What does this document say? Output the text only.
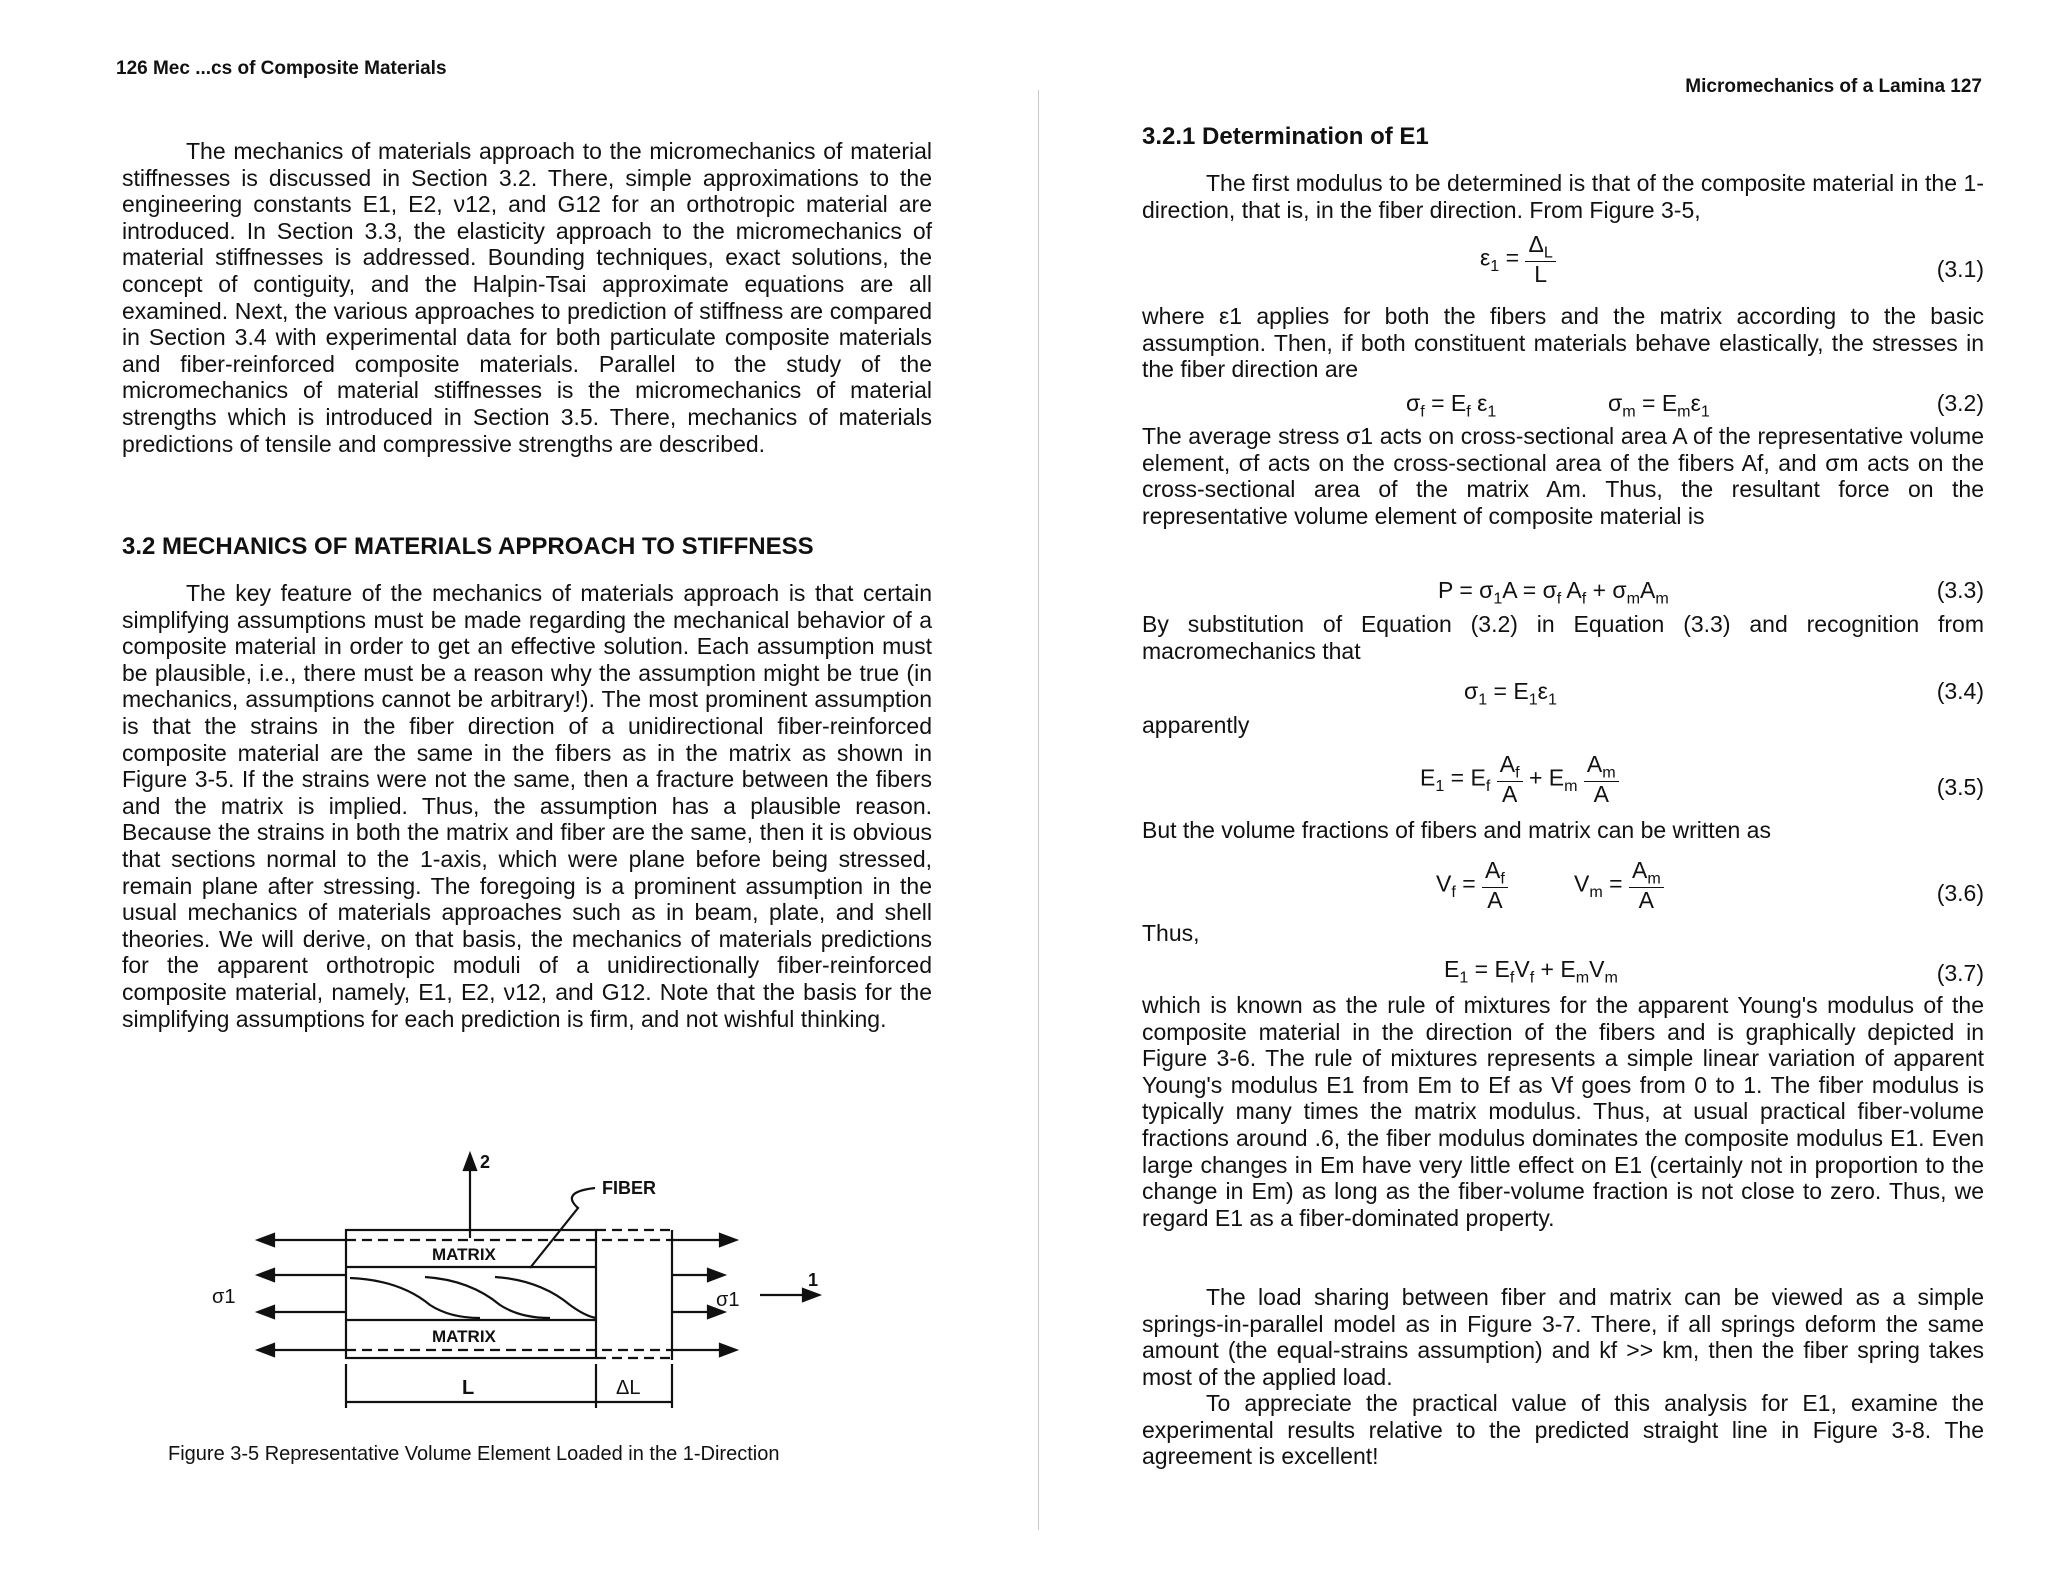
126 Mec ...cs of Composite Materials

The mechanics of materials approach to the micromechanics of material stiffnesses is discussed in Section 3.2. There, simple approximations to the engineering constants E1, E2, ν12, and G12 for an orthotropic material are introduced. In Section 3.3, the elasticity approach to the micromechanics of material stiffnesses is addressed. Bounding techniques, exact solutions, the concept of contiguity, and the Halpin-Tsai approximate equations are all examined. Next, the various approaches to prediction of stiffness are compared in Section 3.4 with experimental data for both particulate composite materials and fiber-reinforced composite materials. Parallel to the study of the micromechanics of material stiffnesses is the micromechanics of material strengths which is introduced in Section 3.5. There, mechanics of materials predictions of tensile and compressive strengths are described.

3.2 MECHANICS OF MATERIALS APPROACH TO STIFFNESS

The key feature of the mechanics of materials approach is that certain simplifying assumptions must be made regarding the mechanical behavior of a composite material in order to get an effective solution. Each assumption must be plausible, i.e., there must be a reason why the assumption might be true (in mechanics, assumptions cannot be arbitrary!). The most prominent assumption is that the strains in the fiber direction of a unidirectional fiber-reinforced composite material are the same in the fibers as in the matrix as shown in Figure 3-5. If the strains were not the same, then a fracture between the fibers and the matrix is implied. Thus, the assumption has a plausible reason. Because the strains in both the matrix and fiber are the same, then it is obvious that sections normal to the 1-axis, which were plane before being stressed, remain plane after stressing. The foregoing is a prominent assumption in the usual mechanics of materials approaches such as in beam, plate, and shell theories. We will derive, on that basis, the mechanics of materials predictions for the apparent orthotropic moduli of a unidirectionally fiber-reinforced composite material, namely, E1, E2, ν12, and G12. Note that the basis for the simplifying assumptions for each prediction is firm, and not wishful thinking.

2
FIBER
MATRIX
MATRIX
σ1	σ1
1
L	ΔL

Figure 3-5 Representative Volume Element Loaded in the 1-Direction

Micromechanics of a Lamina 127
3.2.1 Determination of E1

The first modulus to be determined is that of the composite material in the 1-direction, that is, in the fiber direction. From Figure 3-5,

$\varepsilon_1 = \frac{\Delta_L}{L}$	(3.1)

where ε1 applies for both the fibers and the matrix according to the basic assumption. Then, if both constituent materials behave elastically, the stresses in the fiber direction are

$\sigma_f = E_f$ $\varepsilon_1$	$\sigma_m = E_m\varepsilon_1$	(3.2)

The average stress σ1 acts on cross-sectional area A of the representative volume element, σf acts on the cross-sectional area of the fibers Af, and σm acts on the cross-sectional area of the matrix Am. Thus, the resultant force on the representative volume element of composite material is

$P = \sigma_1A = \sigma_f$ $A_f + \sigma_mA_m$	(3.3)

By substitution of Equation (3.2) in Equation (3.3) and recognition from macromechanics that

$\sigma_1 = E_1\varepsilon_1$	(3.4)

apparently

$E_1 = E_f \frac{A_f}{A} + E_m \frac{A_m}{A}$	(3.5)

But the volume fractions of fibers and matrix can be written as

$V_f = \frac{A_f}{A}$	$V_m = \frac{A_m}{A}$	(3.6)

Thus,

$E_1 = E_fV_f + E_mV_m$	(3.7)

which is known as the rule of mixtures for the apparent Young's modulus of the composite material in the direction of the fibers and is graphically depicted in Figure 3-6. The rule of mixtures represents a simple linear variation of apparent Young's modulus E1 from Em to Ef as Vf goes from 0 to 1. The fiber modulus is typically many times the matrix modulus. Thus, at usual practical fiber-volume fractions around .6, the fiber modulus dominates the composite modulus E1. Even large changes in Em have very little effect on E1 (certainly not in proportion to the change in Em) as long as the fiber-volume fraction is not close to zero. Thus, we regard E1 as a fiber-dominated property.

The load sharing between fiber and matrix can be viewed as a simple springs-in-parallel model as in Figure 3-7. There, if all springs deform the same amount (the equal-strains assumption) and kf >> km, then the fiber spring takes most of the applied load.

To appreciate the practical value of this analysis for E1, examine the experimental results relative to the predicted straight line in Figure 3-8. The agreement is excellent!
